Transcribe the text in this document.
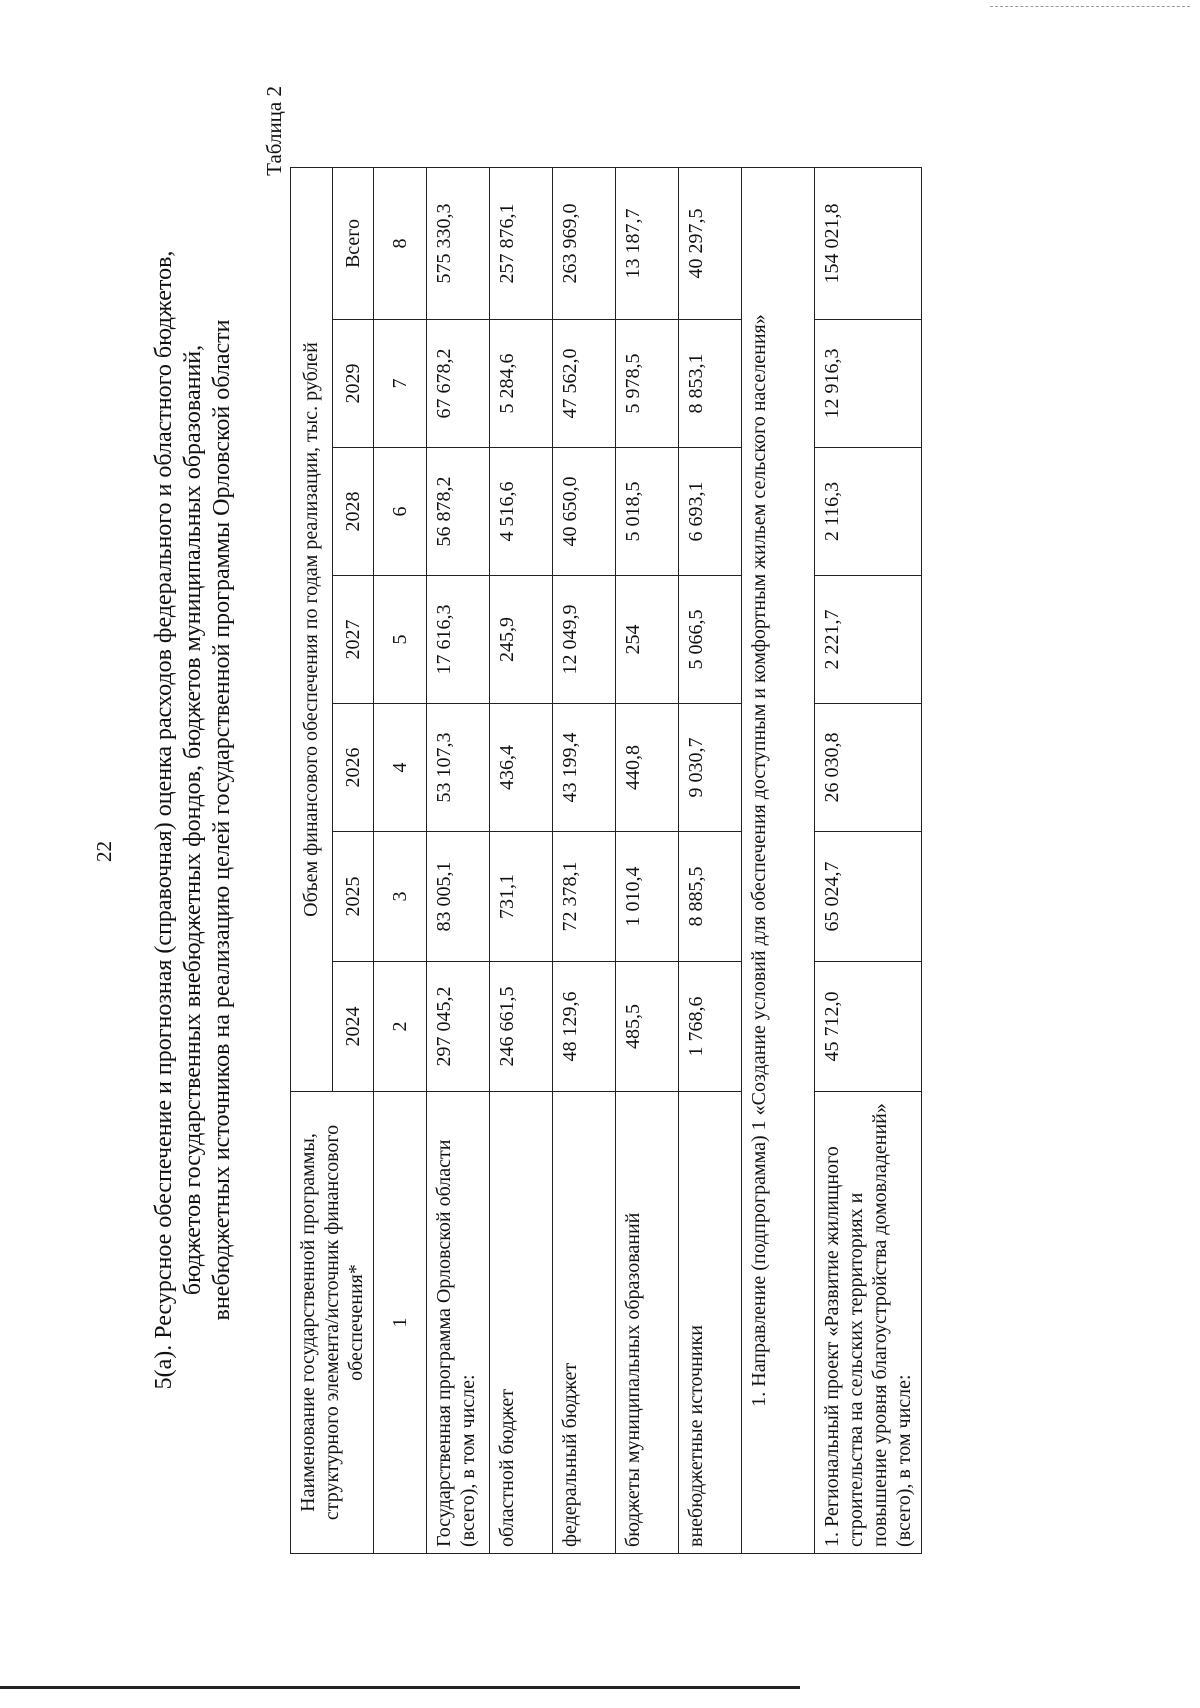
22 5(а). Ресурсное обеспечение и прогнозная (справочная) оценка расходов федерального и областного бюджетов, бюджетов государственных внебюджетных фондов, бюджетов муниципальных образований, внебюджетных источников на реализацию целей государственной программы Орловской области
Таблица 2
Наименование государственной программы, структурного элемента/источник финансового обеспечения*	Объем финансового обеспечения по годам реализации, тыс. рублей						
	2024	2025	2026	2027	2028	2029	Всего
1	2	3	4	5	6	7	8
Государственная программа Орловской области (всего), в том числе:	297 045,2	83 005,1	53 107,3	17 616,3	56 878,2	67 678,2	575 330,3
областной бюджет	246 661,5	731,1	436,4	245,9	4 516,6	5 284,6	257 876,1
федеральный бюджет	48 129,6	72 378,1	43 199,4	12 049,9	40 650,0	47 562,0	263 969,0
бюджеты муниципальных образований	485,5	1 010,4	440,8	254	5 018,5	5 978,5	13 187,7
внебюджетные источники	1 768,6	8 885,5	9 030,7	5 066,5	6 693,1	8 853,1	40 297,5
1. Направление (подпрограмма) 1 «Создание условий для обеспечения доступным и комфортным жильем сельского населения»							
1. Региональный проект «Развитие жилищного строительства на сельских территориях и повышение уровня благоустройства домовладений» (всего), в том числе:	45 712,0	65 024,7	26 030,8	2 221,7	2 116,3	12 916,3	154 021,8
